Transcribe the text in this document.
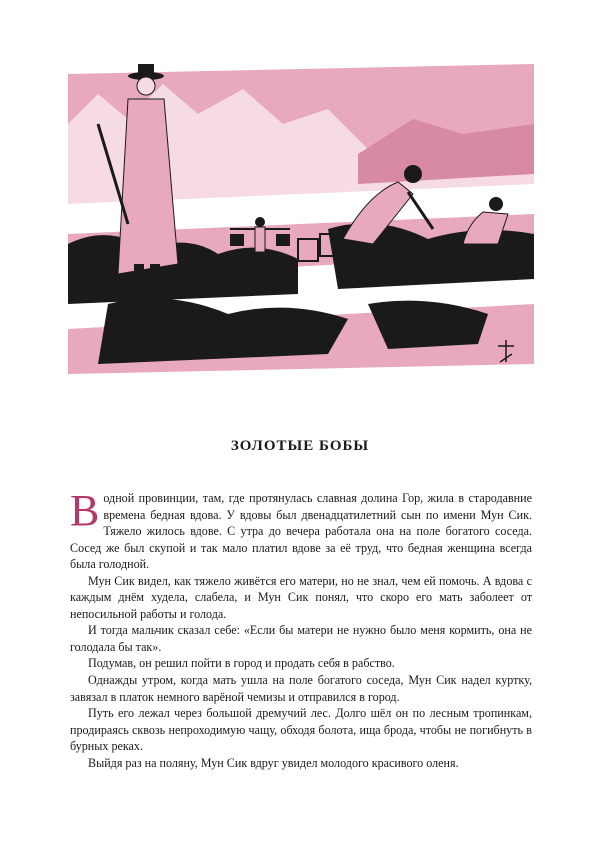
ЗОЛОТЫЕ БОБЫ

В одной провинции, там, где протянулась славная долина Гор, жила в стародавние времена бедная вдова. У вдовы был двенадцатилетний сын по имени Мун Сик. Тяжело жилось вдове. С утра до вечера работала она на поле богатого соседа. Сосед же был скупой и так мало платил вдове за её труд, что бедная женщина всегда была голодной.

Мун Сик видел, как тяжело живётся его матери, но не знал, чем ей помочь. А вдова с каждым днём худела, слабела, и Мун Сик понял, что скоро его мать заболеет от непосильной работы и голода.

И тогда мальчик сказал себе: «Если бы матери не нужно было меня кормить, она не голодала бы так».

Подумав, он решил пойти в город и продать себя в рабство.

Однажды утром, когда мать ушла на поле богатого соседа, Мун Сик надел куртку, завязал в платок немного варёной чемизы и отправился в город.

Путь его лежал через большой дремучий лес. Долго шёл он по лесным тропинкам, продираясь сквозь непроходимую чащу, обходя болота, ища брода, чтобы не погибнуть в бурных реках.

Выйдя раз на поляну, Мун Сик вдруг увидел молодого красивого оленя.
